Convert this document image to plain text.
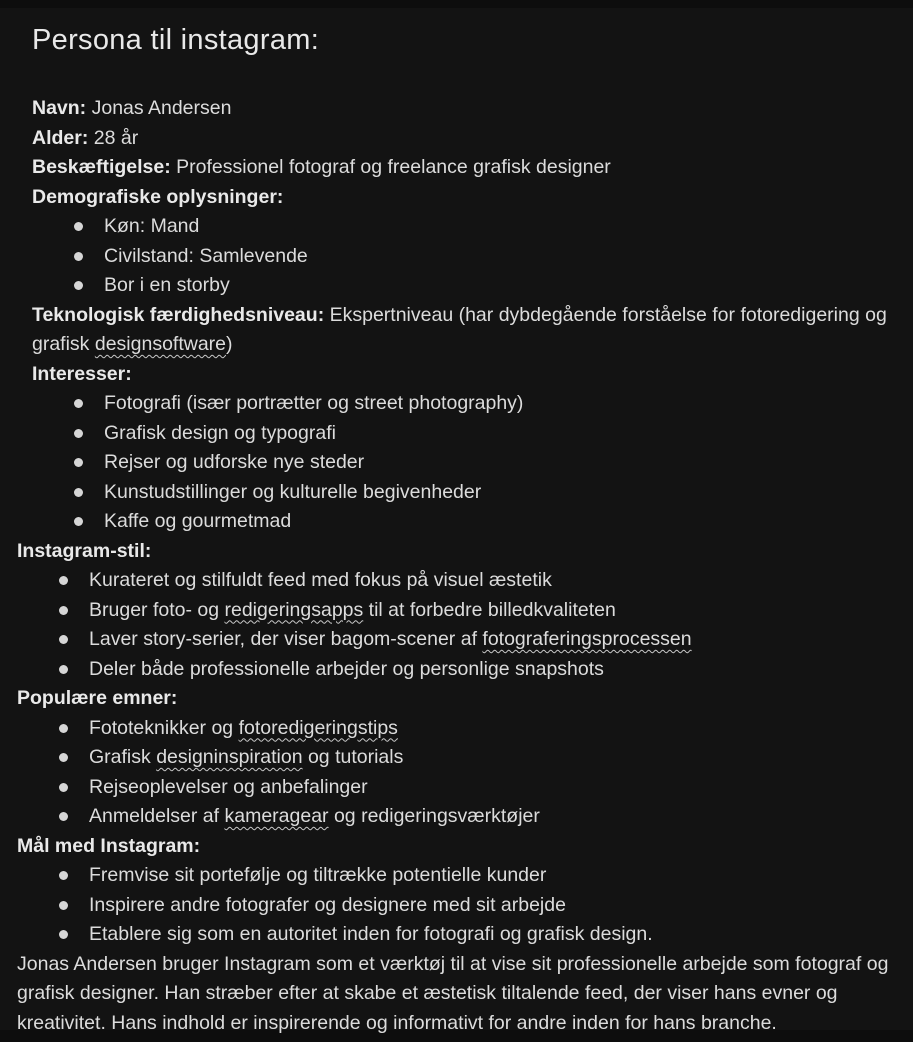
Persona til instagram:

Navn: Jonas Andersen

Alder: 28 år

Beskæftigelse: Professionel fotograf og freelance grafisk designer

Demografiske oplysninger:

Køn: Mand
Civilstand: Samlevende
Bor i en storby

Teknologisk færdighedsniveau: Ekspertniveau (har dybdegående forståelse for fotoredigering og grafisk designsoftware)

Interesser:

Fotografi (især portrætter og street photography)
Grafisk design og typografi
Rejser og udforske nye steder
Kunstudstillinger og kulturelle begivenheder
Kaffe og gourmetmad

Instagram-stil:

Kurateret og stilfuldt feed med fokus på visuel æstetik
Bruger foto- og redigeringsapps til at forbedre billedkvaliteten
Laver story-serier, der viser bagom-scener af fotograferingsprocessen
Deler både professionelle arbejder og personlige snapshots

Populære emner:

Fototeknikker og fotoredigeringstips
Grafisk designinspiration og tutorials
Rejseoplevelser og anbefalinger
Anmeldelser af kameragear og redigeringsværktøjer

Mål med Instagram:

Fremvise sit portefølje og tiltrække potentielle kunder
Inspirere andre fotografer og designere med sit arbejde
Etablere sig som en autoritet inden for fotografi og grafisk design.

Jonas Andersen bruger Instagram som et værktøj til at vise sit professionelle arbejde som fotograf og grafisk designer. Han stræber efter at skabe et æstetisk tiltalende feed, der viser hans evner og kreativitet. Hans indhold er inspirerende og informativt for andre inden for hans branche.
